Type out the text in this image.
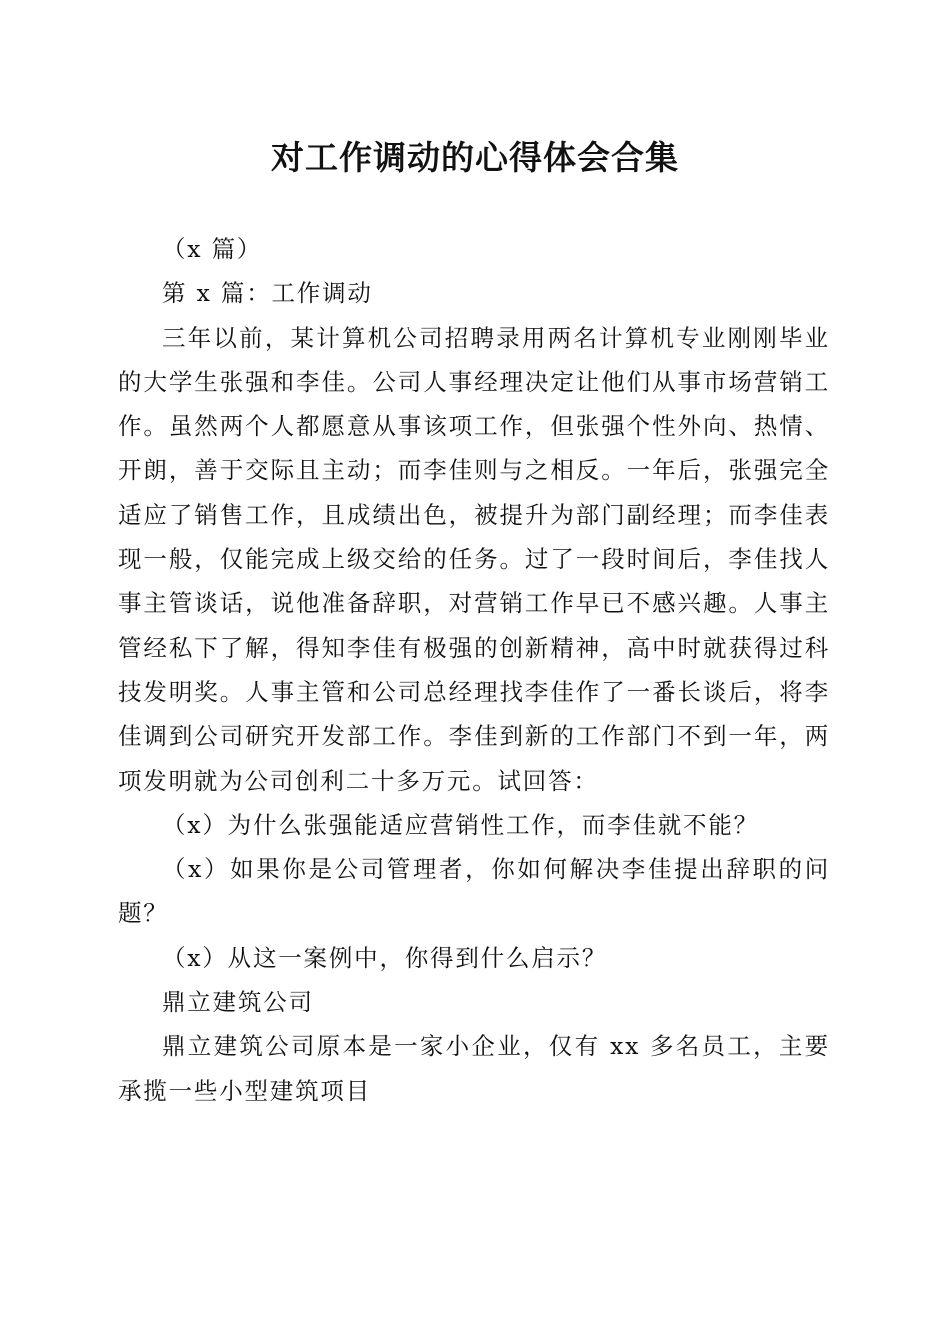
对工作调动的心得体会合集

（x 篇）

第 x 篇：工作调动

三年以前，某计算机公司招聘录用两名计算机专业刚刚毕业的大学生张强和李佳。公司人事经理决定让他们从事市场营销工作。虽然两个人都愿意从事该项工作，但张强个性外向、热情、开朗，善于交际且主动；而李佳则与之相反。一年后，张强完全适应了销售工作，且成绩出色，被提升为部门副经理；而李佳表现一般，仅能完成上级交给的任务。过了一段时间后，李佳找人事主管谈话，说他准备辞职，对营销工作早已不感兴趣。人事主管经私下了解，得知李佳有极强的创新精神，高中时就获得过科技发明奖。人事主管和公司总经理找李佳作了一番长谈后，将李佳调到公司研究开发部工作。李佳到新的工作部门不到一年，两项发明就为公司创利二十多万元。试回答：

（x）为什么张强能适应营销性工作，而李佳就不能？

（x）如果你是公司管理者，你如何解决李佳提出辞职的问题？

（x）从这一案例中，你得到什么启示？

鼎立建筑公司

鼎立建筑公司原本是一家小企业，仅有 xx 多名员工，主要承揽一些小型建筑项目
